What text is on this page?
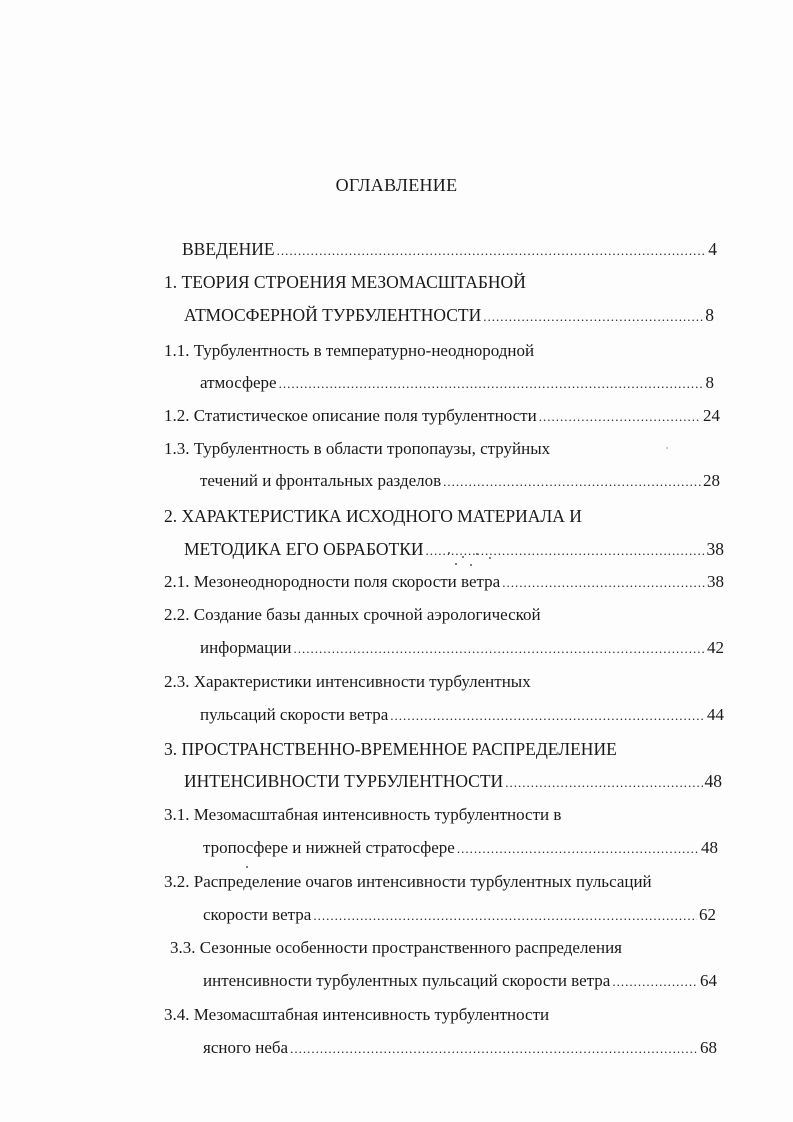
ОГЛАВЛЕНИЕ
ВВЕДЕНИЕ .....	4
1. ТЕОРИЯ СТРОЕНИЯ МЕЗОМАСШТАБНОЙ
АТМОСФЕРНОЙ ТУРБУЛЕНТНОСТИ .....	8
1.1. Турбулентность в температурно-неоднородной
атмосфере .....	8
1.2. Статистическое описание поля турбулентности .....	24
1.3. Турбулентность в области тропопаузы, струйных
течений и фронтальных разделов .....	28
2. ХАРАКТЕРИСТИКА ИСХОДНОГО МАТЕРИАЛА И
МЕТОДИКА ЕГО ОБРАБОТКИ .....	38
2.1. Мезонеоднородности поля скорости ветра .....	38
2.2. Создание базы данных срочной аэрологической
информации .....	42
2.3. Характеристики интенсивности турбулентных
пульсаций скорости ветра .....	44
3. ПРОСТРАНСТВЕННО-ВРЕМЕННОЕ РАСПРЕДЕЛЕНИЕ
ИНТЕНСИВНОСТИ ТУРБУЛЕНТНОСТИ .....	48
3.1. Мезомасштабная интенсивность турбулентности в
тропосфере и нижней стратосфере .....	48
3.2. Распределение очагов интенсивности турбулентных пульсаций
скорости ветра .....	62
3.3. Сезонные особенности пространственного распределения
интенсивности турбулентных пульсаций скорости ветра .....	64
3.4. Мезомасштабная интенсивность турбулентности
ясного неба .....	68
